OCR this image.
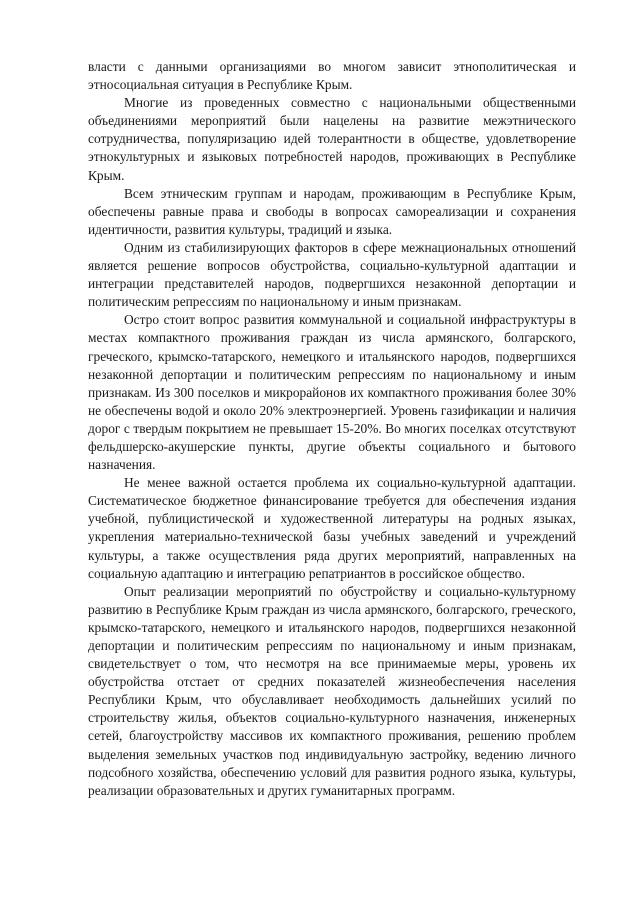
власти с данными организациями во многом зависит этнополитическая и этносоциальная ситуация в Республике Крым.

Многие из проведенных совместно с национальными общественными объединениями мероприятий были нацелены на развитие межэтнического сотрудничества, популяризацию идей толерантности в обществе, удовлетворение этнокультурных и языковых потребностей народов, проживающих в Республике Крым.

Всем этническим группам и народам, проживающим в Республике Крым, обеспечены равные права и свободы в вопросах самореализации и сохранения идентичности, развития культуры, традиций и языка.

Одним из стабилизирующих факторов в сфере межнациональных отношений является решение вопросов обустройства, социально-культурной адаптации и интеграции представителей народов, подвергшихся незаконной депортации и политическим репрессиям по национальному и иным признакам.

Остро стоит вопрос развития коммунальной и социальной инфраструктуры в местах компактного проживания граждан из числа армянского, болгарского, греческого, крымско-татарского, немецкого и итальянского народов, подвергшихся незаконной депортации и политическим репрессиям по национальному и иным признакам. Из 300 поселков и микрорайонов их компактного проживания более 30% не обеспечены водой и около 20% электроэнергией. Уровень газификации и наличия дорог с твердым покрытием не превышает 15-20%. Во многих поселках отсутствуют фельдшерско-акушерские пункты, другие объекты социального и бытового назначения.

Не менее важной остается проблема их социально-культурной адаптации. Систематическое бюджетное финансирование требуется для обеспечения издания учебной, публицистической и художественной литературы на родных языках, укрепления материально-технической базы учебных заведений и учреждений культуры, а также осуществления ряда других мероприятий, направленных на социальную адаптацию и интеграцию репатриантов в российское общество.

Опыт реализации мероприятий по обустройству и социально-культурному развитию в Республике Крым граждан из числа армянского, болгарского, греческого, крымско-татарского, немецкого и итальянского народов, подвергшихся незаконной депортации и политическим репрессиям по национальному и иным признакам, свидетельствует о том, что несмотря на все принимаемые меры, уровень их обустройства отстает от средних показателей жизнеобеспечения населения Республики Крым, что обуславливает необходимость дальнейших усилий по строительству жилья, объектов социально-культурного назначения, инженерных сетей, благоустройству массивов их компактного проживания, решению проблем выделения земельных участков под индивидуальную застройку, ведению личного подсобного хозяйства, обеспечению условий для развития родного языка, культуры, реализации образовательных и других гуманитарных программ.
